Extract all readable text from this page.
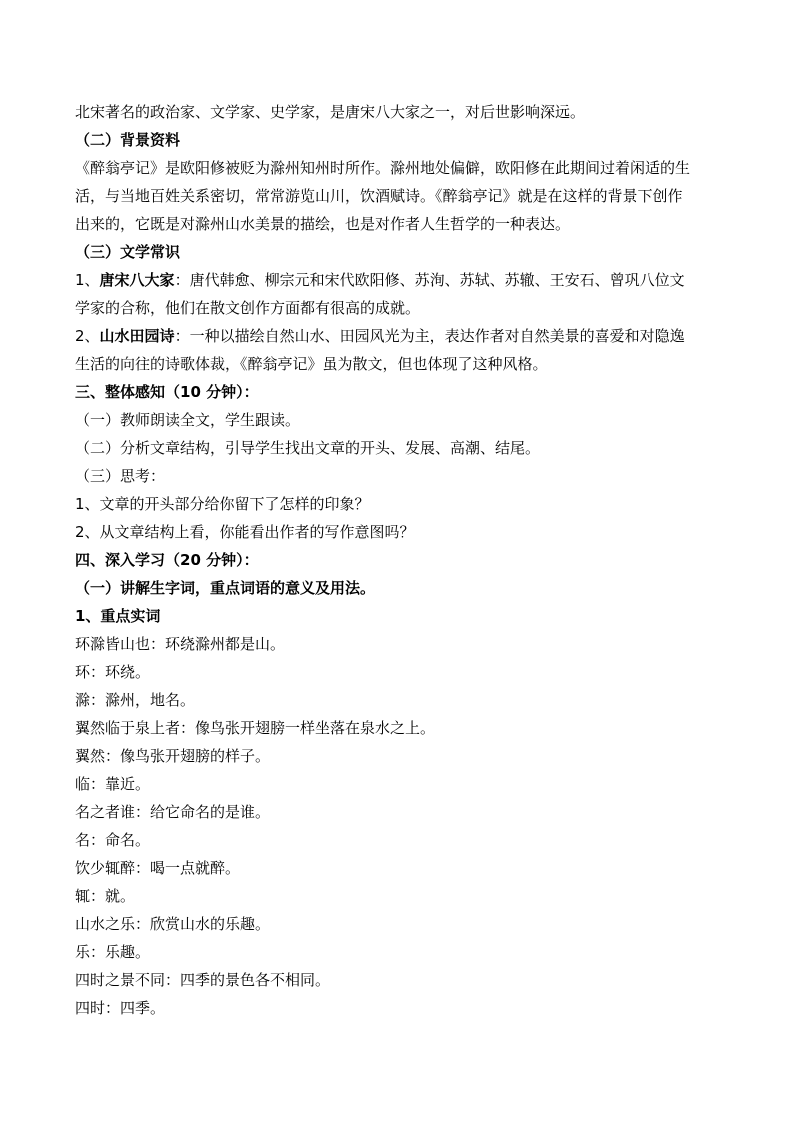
北宋著名的政治家、文学家、史学家，是唐宋八大家之一，对后世影响深远。
（二）背景资料
《醉翁亭记》是欧阳修被贬为滁州知州时所作。滁州地处偏僻，欧阳修在此期间过着闲适的生
活，与当地百姓关系密切，常常游览山川，饮酒赋诗。《醉翁亭记》就是在这样的背景下创作
出来的，它既是对滁州山水美景的描绘，也是对作者人生哲学的一种表达。
（三）文学常识
1、唐宋八大家：唐代韩愈、柳宗元和宋代欧阳修、苏洵、苏轼、苏辙、王安石、曾巩八位文
学家的合称，他们在散文创作方面都有很高的成就。
2、山水田园诗：一种以描绘自然山水、田园风光为主，表达作者对自然美景的喜爱和对隐逸
生活的向往的诗歌体裁，《醉翁亭记》虽为散文，但也体现了这种风格。
三、整体感知（10 分钟）：
（一）教师朗读全文，学生跟读。
（二）分析文章结构，引导学生找出文章的开头、发展、高潮、结尾。
（三）思考：
1、文章的开头部分给你留下了怎样的印象？
2、从文章结构上看，你能看出作者的写作意图吗？
四、深入学习（20 分钟）：
（一）讲解生字词，重点词语的意义及用法。
1、重点实词
环滁皆山也：环绕滁州都是山。
环：环绕。
滁：滁州，地名。
翼然临于泉上者：像鸟张开翅膀一样坐落在泉水之上。
翼然：像鸟张开翅膀的样子。
临：靠近。
名之者谁：给它命名的是谁。
名：命名。
饮少辄醉：喝一点就醉。
辄：就。
山水之乐：欣赏山水的乐趣。
乐：乐趣。
四时之景不同：四季的景色各不相同。
四时：四季。
